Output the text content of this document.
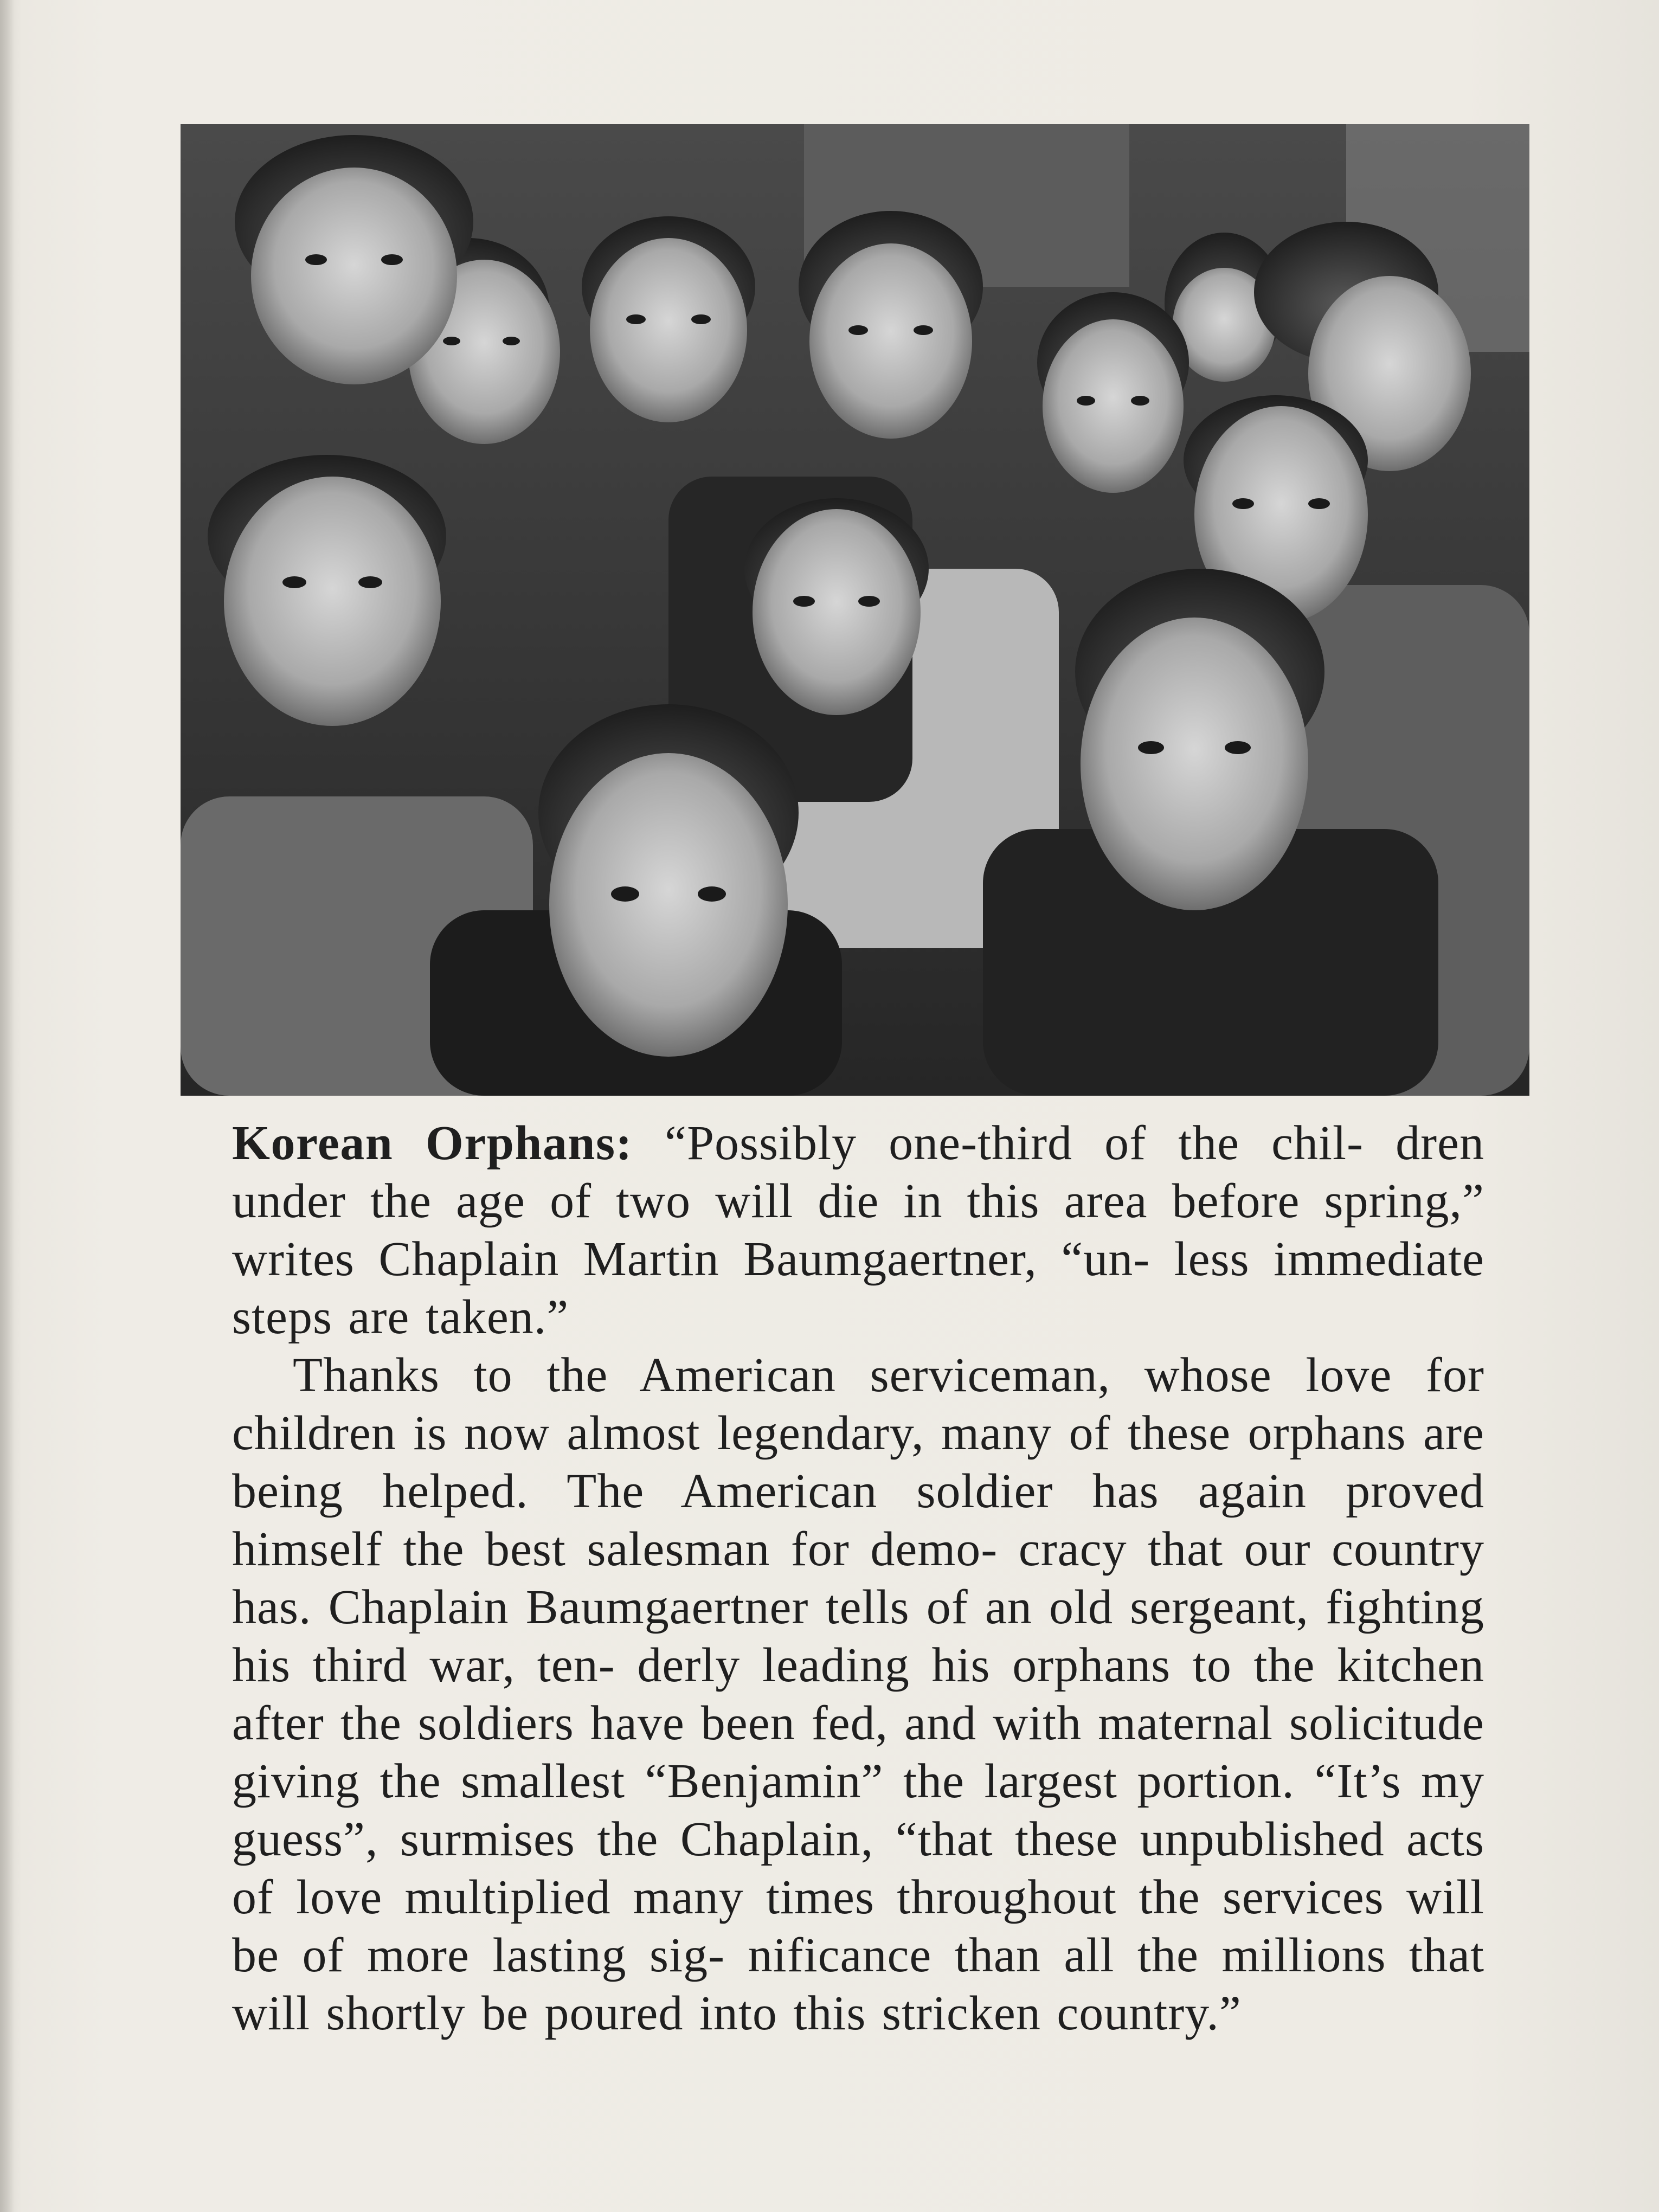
Korean Orphans: “Possibly one-third of the chil- dren under the age of two will die in this area before spring,” writes Chaplain Martin Baumgaertner, “un- less immediate steps are taken.”

Thanks to the American serviceman, whose love for children is now almost legendary, many of these orphans are being helped. The American soldier has again proved himself the best salesman for demo- cracy that our country has. Chaplain Baumgaertner tells of an old sergeant, fighting his third war, ten- derly leading his orphans to the kitchen after the soldiers have been fed, and with maternal solicitude giving the smallest “Benjamin” the largest portion. “It’s my guess”, surmises the Chaplain, “that these unpublished acts of love multiplied many times throughout the services will be of more lasting sig- nificance than all the millions that will shortly be poured into this stricken country.”
